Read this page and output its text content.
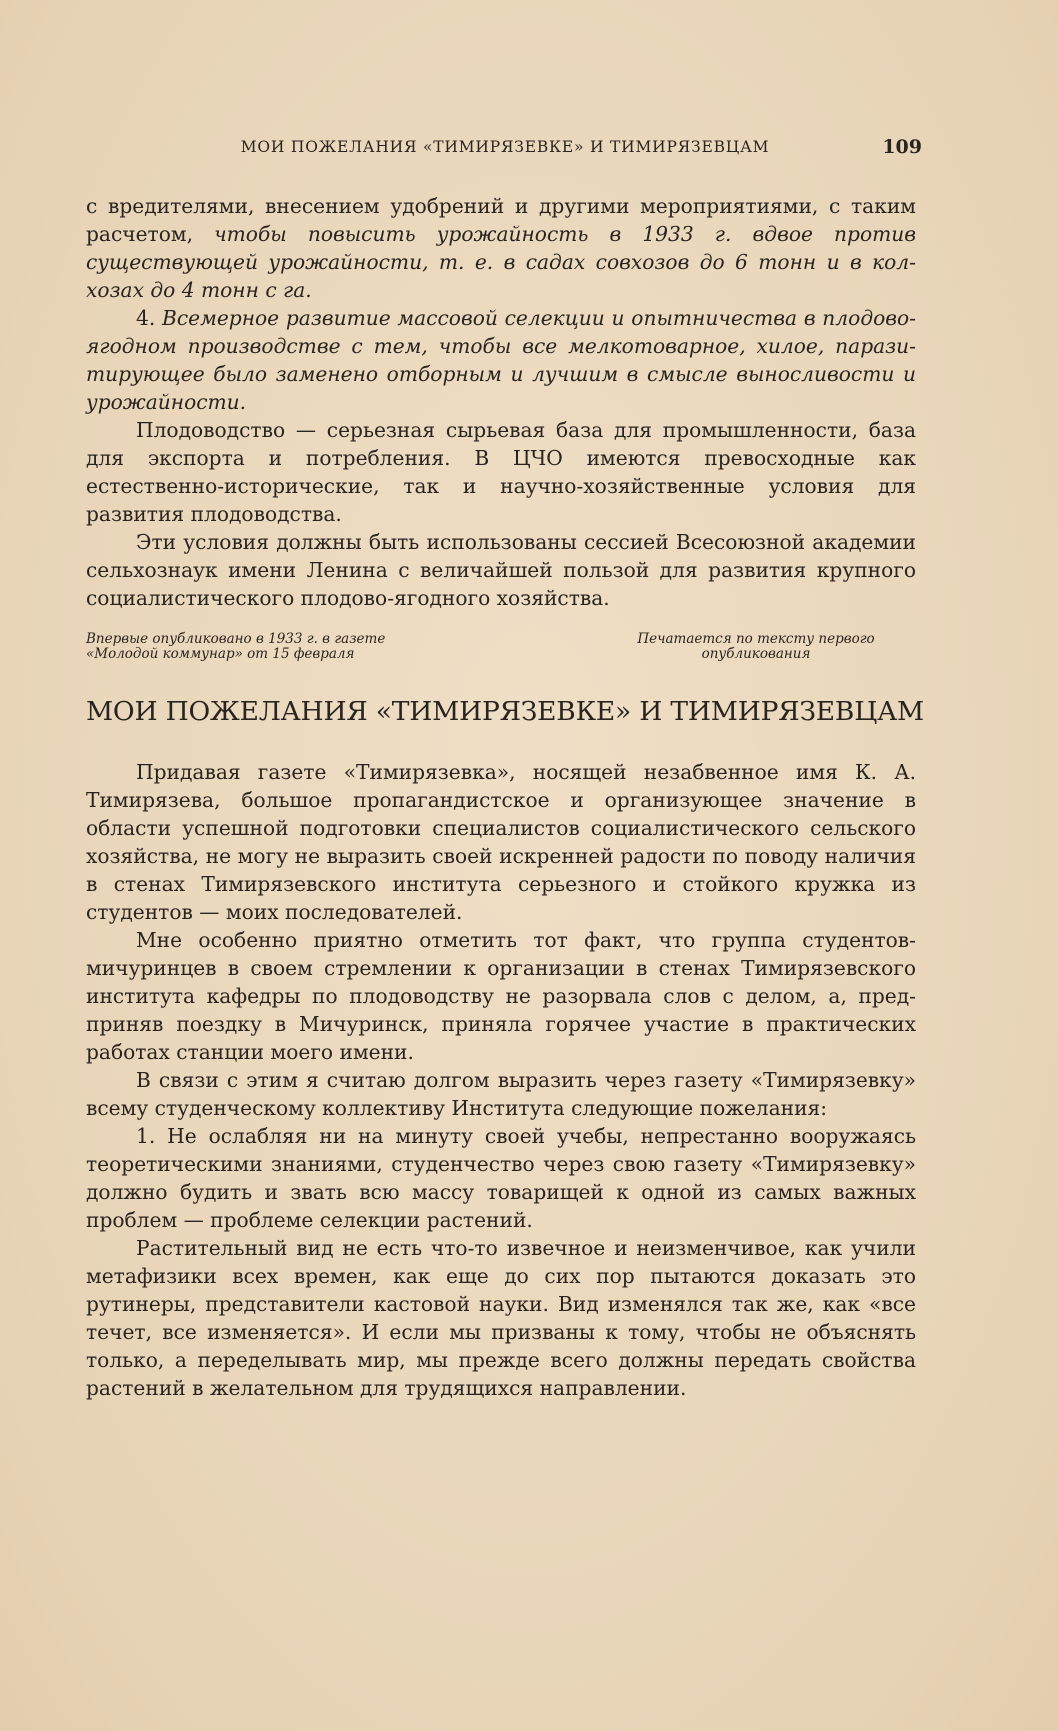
МОИ ПОЖЕЛАНИЯ «ТИМИРЯЗЕВКЕ» И ТИМИРЯЗЕВЦАМ	109

с вредителями, внесением удобрений и другими мероприятиями, с таким расчетом, чтобы повысить урожайность в 1933 г. вдвое против существующей урожайности, т. е. в садах совхозов до 6 тонн и в колхозах до 4 тонн с га.

4. Всемерное развитие массовой селекции и опытничества в плодовоягодном производстве с тем, чтобы все мелкотоварное, хилое, паразитирующее было заменено отборным и лучшим в смысле выносливости и урожайности.

Плодоводство — серьезная сырьевая база для промышленности, база для экспорта и потребления. В ЦЧО имеются превосходные как естественно-исторические, так и научно-хозяйственные условия для развития плодоводства.

Эти условия должны быть использованы сессией Всесоюзной академии сельхознаук имени Ленина с величайшей пользой для развития крупного социалистического плодово-ягодного хозяйства.

Впервые опубликовано в 1933 г. в газете
«Молодой коммунар» от 15 февраля
Печатается по тексту первого
опубликования
МОИ ПОЖЕЛАНИЯ «ТИМИРЯЗЕВКЕ» И ТИМИРЯЗЕВЦАМ

Придавая газете «Тимирязевка», носящей незабвенное имя К. А. Тимирязева, большое пропагандистское и организующее значение в области успешной подготовки специалистов социалистического сельского хозяйства, не могу не выразить своей искренней радости по поводу наличия в стенах Тимирязевского института серьезного и стойкого кружка из студентов — моих последователей.

Мне особенно приятно отметить тот факт, что группа студентов-мичуринцев в своем стремлении к организации в стенах Тимирязевского института кафедры по плодоводству не разорвала слов с делом, а, предприняв поездку в Мичуринск, приняла горячее участие в практических работах станции моего имени.

В связи с этим я считаю долгом выразить через газету «Тимирязевку» всему студенческому коллективу Института следующие пожелания:

1. Не ослабляя ни на минуту своей учебы, непрестанно вооружаясь теоретическими знаниями, студенчество через свою газету «Тимирязевку» должно будить и звать всю массу товарищей к одной из самых важных проблем — проблеме селекции растений.

Растительный вид не есть что-то извечное и неизменчивое, как учили метафизики всех времен, как еще до сих пор пытаются доказать это рутинеры, представители кастовой науки. Вид изменялся так же, как «все течет, все изменяется». И если мы призваны к тому, чтобы не объяснять только, а переделывать мир, мы прежде всего должны передать свойства растений в желательном для трудящихся направлении.
